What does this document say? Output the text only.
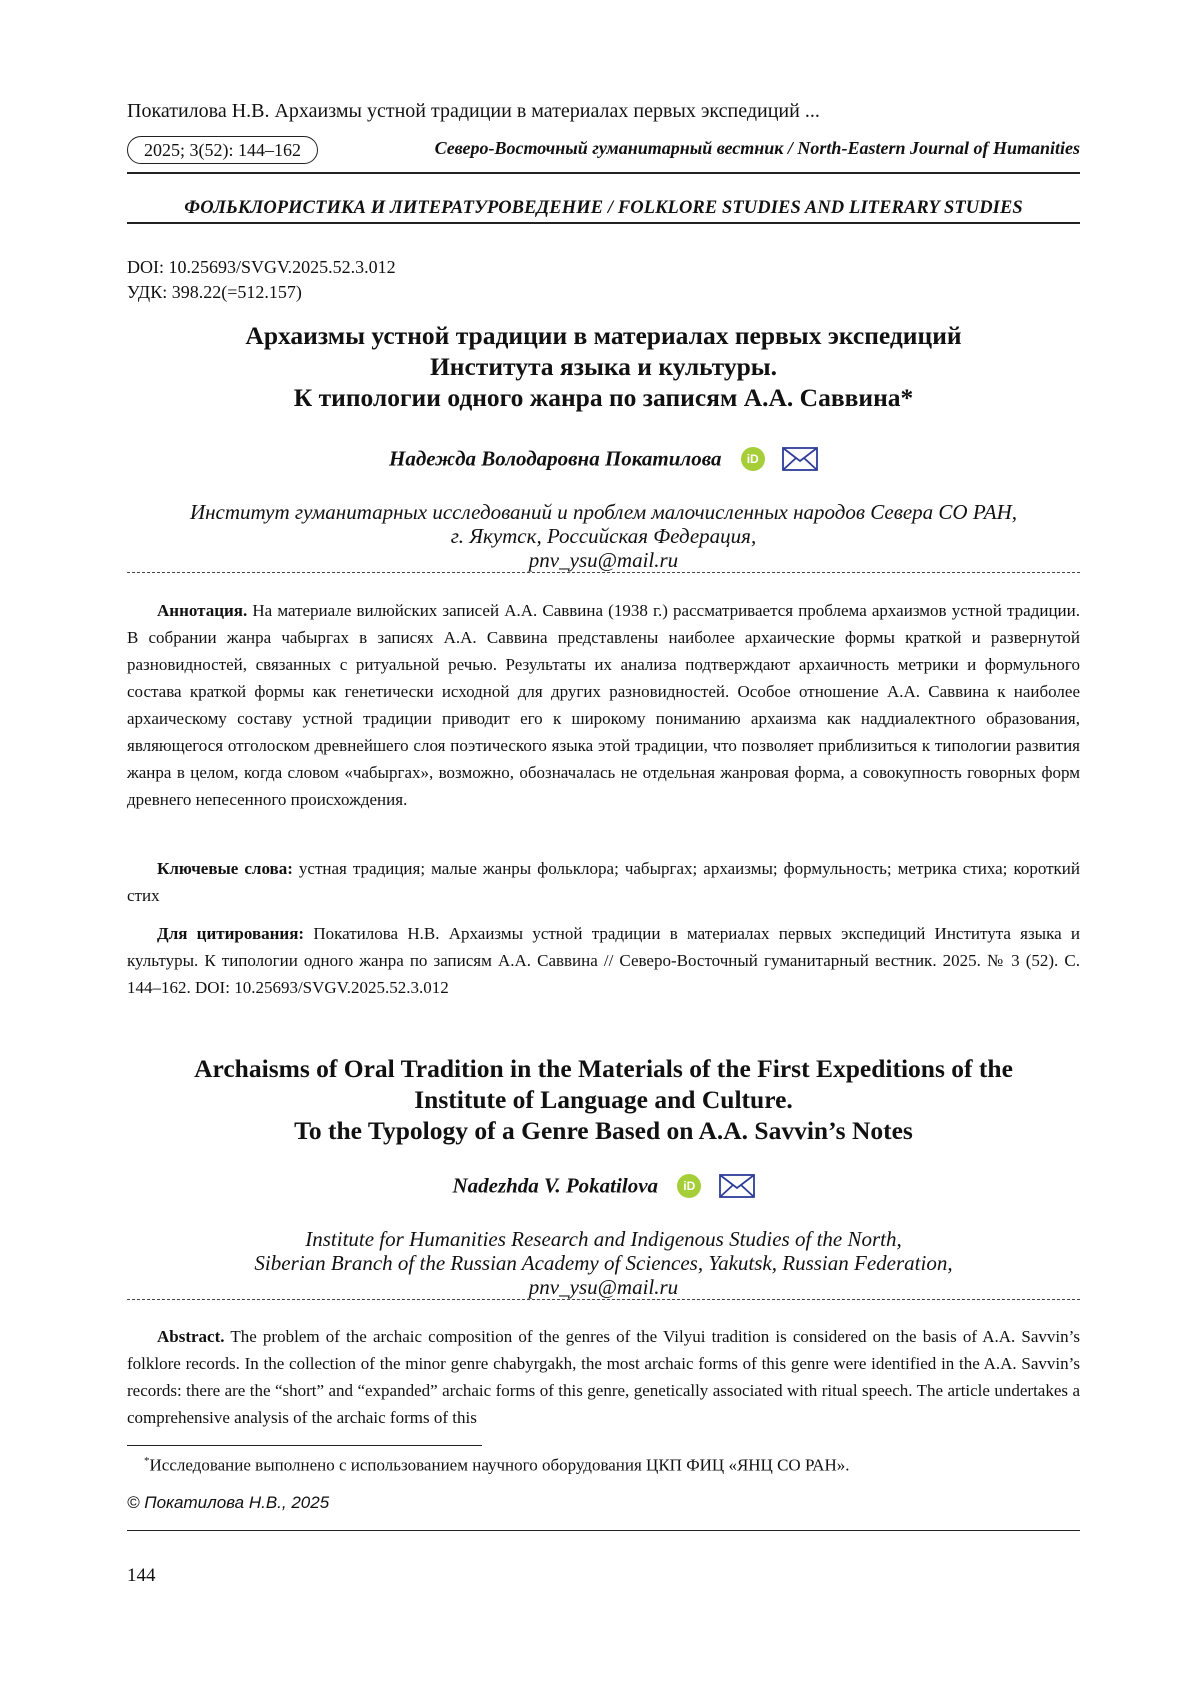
Покатилова Н.В. Архаизмы устной традиции в материалах первых экспедиций ...
2025; 3(52): 144–162	Северо-Восточный гуманитарный вестник / North-Eastern Journal of Humanities
ФОЛЬКЛОРИСТИКА И ЛИТЕРАТУРОВЕДЕНИЕ / FOLKLORE STUDIES AND LITERARY STUDIES
DOI: 10.25693/SVGV.2025.52.3.012
УДК: 398.22(=512.157)
Архаизмы устной традиции в материалах первых экспедиций
Института языка и культуры.
К типологии одного жанра по записям А.А. Саввина*
Надежда Володаровна Покатилова iD
Институт гуманитарных исследований и проблем малочисленных народов Севера СО РАН,
г. Якутск, Российская Федерация,
pnv_ysu@mail.ru
Аннотация. На материале вилюйских записей А.А. Саввина (1938 г.) рассматривается проблема архаизмов устной традиции. В собрании жанра чабыргах в записях А.А. Саввина представлены наиболее архаические формы краткой и развернутой разновидностей, связанных с ритуальной речью. Результаты их анализа подтверждают архаичность метрики и формульного состава краткой формы как генетически исходной для других разновидностей. Особое отношение А.А. Саввина к наиболее архаическому составу устной традиции приводит его к широкому пониманию архаизма как наддиалектного образования, являющегося отголоском древнейшего слоя поэтического языка этой традиции, что позволяет приблизиться к типологии развития жанра в целом, когда словом «чабыргах», возможно, обозначалась не отдельная жанровая форма, а совокупность говорных форм древнего непесенного происхождения.
Ключевые слова: устная традиция; малые жанры фольклора; чабыргах; архаизмы; формульность; метрика стиха; короткий стих
Для цитирования: Покатилова Н.В. Архаизмы устной традиции в материалах первых экспедиций Института языка и культуры. К типологии одного жанра по записям А.А. Саввина // Северо-Восточный гуманитарный вестник. 2025. № 3 (52). С. 144–162. DOI: 10.25693/SVGV.2025.52.3.012
Archaisms of Oral Tradition in the Materials of the First Expeditions of the
Institute of Language and Culture.
To the Typology of a Genre Based on A.A. Savvin’s Notes
Nadezhda V. Pokatilova iD
Institute for Humanities Research and Indigenous Studies of the North,
Siberian Branch of the Russian Academy of Sciences, Yakutsk, Russian Federation,
pnv_ysu@mail.ru
Abstract. The problem of the archaic composition of the genres of the Vilyui tradition is considered on the basis of A.A. Savvin’s folklore records. In the collection of the minor genre chabyrgakh, the most archaic forms of this genre were identified in the A.A. Savvin’s records: there are the “short” and “expanded” archaic forms of this genre, genetically associated with ritual speech. The article undertakes a comprehensive analysis of the archaic forms of this
*Исследование выполнено с использованием научного оборудования ЦКП ФИЦ «ЯНЦ СО РАН».
© Покатилова Н.В., 2025
144
